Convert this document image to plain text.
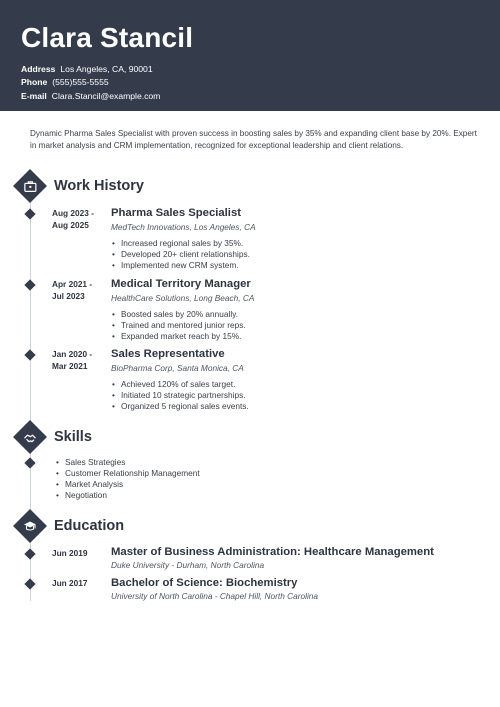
Clara Stancil
Address Los Angeles, CA, 90001
Phone (555)555-5555
E-mail Clara.Stancil@example.com
Dynamic Pharma Sales Specialist with proven success in boosting sales by 35% and expanding client base by 20%. Expert in market analysis and CRM implementation, recognized for exceptional leadership and client relations.
Work History
Aug 2023 -
Aug 2025
Pharma Sales Specialist
MedTech Innovations, Los Angeles, CA
• Increased regional sales by 35%.
• Developed 20+ client relationships.
• Implemented new CRM system.
Apr 2021 -
Jul 2023
Medical Territory Manager
HealthCare Solutions, Long Beach, CA
• Boosted sales by 20% annually.
• Trained and mentored junior reps.
• Expanded market reach by 15%.
Jan 2020 -
Mar 2021
Sales Representative
BioPharma Corp, Santa Monica, CA
• Achieved 120% of sales target.
• Initiated 10 strategic partnerships.
• Organized 5 regional sales events.
Skills
• Sales Strategies
• Customer Relationship Management
• Market Analysis
• Negotiation
Education
Jun 2019 Master of Business Administration: Healthcare Management
Duke University - Durham, North Carolina
Jun 2017 Bachelor of Science: Biochemistry
University of North Carolina - Chapel Hill, North Carolina
